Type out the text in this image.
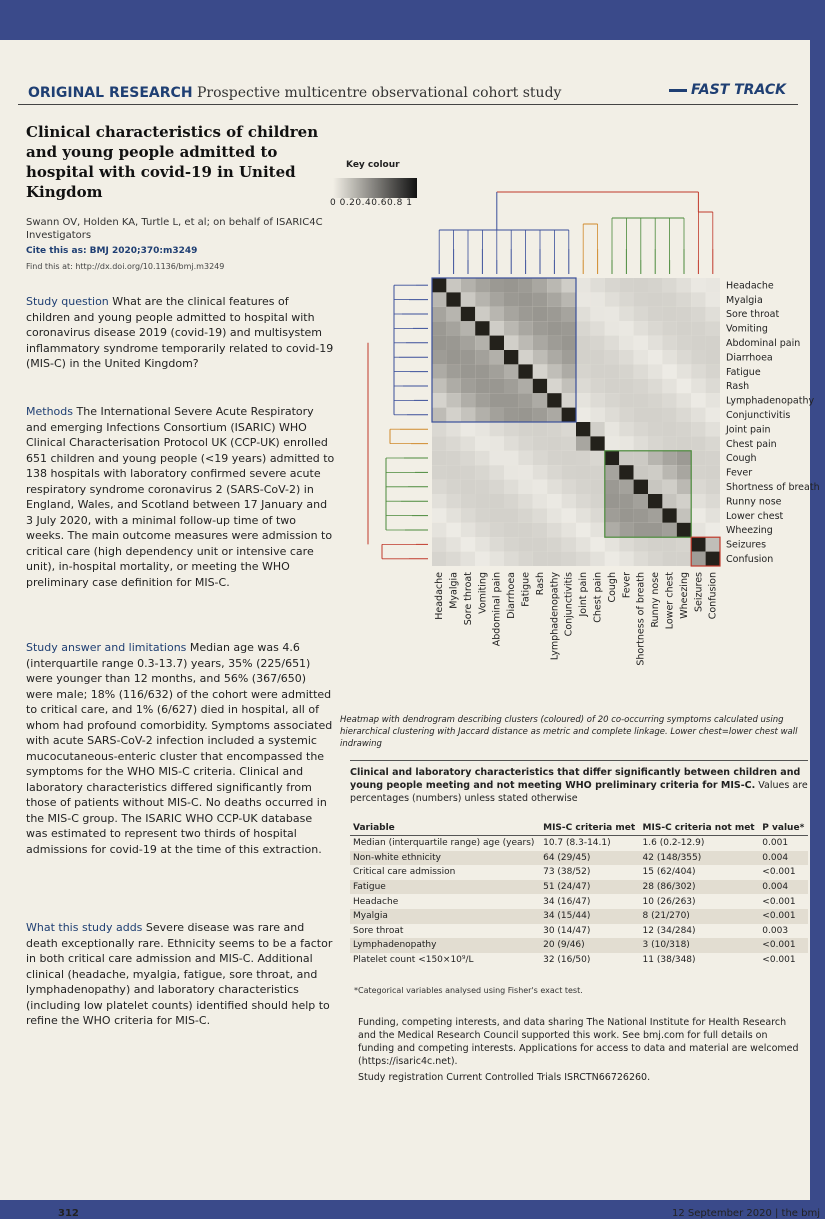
ORIGINAL RESEARCH Prospective multicentre observational cohort study	FAST TRACK
Clinical characteristics of children and young people admitted to hospital with covid-19 in United Kingdom
Swann OV, Holden KA, Turtle L, et al; on behalf of ISARIC4C Investigators
Cite this as: BMJ 2020;370:m3249
Find this at: http://dx.doi.org/10.1136/bmj.m3249
Study question What are the clinical features of children and young people admitted to hospital with coronavirus disease 2019 (covid-19) and multisystem inflammatory syndrome temporarily related to covid-19 (MIS-C) in the United Kingdom?
Methods The International Severe Acute Respiratory and emerging Infections Consortium (ISARIC) WHO Clinical Characterisation Protocol UK (CCP-UK) enrolled 651 children and young people (<19 years) admitted to 138 hospitals with laboratory confirmed severe acute respiratory syndrome coronavirus 2 (SARS-CoV-2) in England, Wales, and Scotland between 17 January and 3 July 2020, with a minimal follow-up time of two weeks. The main outcome measures were admission to critical care (high dependency unit or intensive care unit), in-hospital mortality, or meeting the WHO preliminary case definition for MIS-C.
Study answer and limitations Median age was 4.6 (interquartile range 0.3-13.7) years, 35% (225/651) were younger than 12 months, and 56% (367/650) were male; 18% (116/632) of the cohort were admitted to critical care, and 1% (6/627) died in hospital, all of whom had profound comorbidity. Symptoms associated with acute SARS-CoV-2 infection included a systemic mucocutaneous-enteric cluster that encompassed the symptoms for the WHO MIS-C criteria. Clinical and laboratory characteristics differed significantly from those of patients without MIS-C. No deaths occurred in the MIS-C group. The ISARIC WHO CCP-UK database was estimated to represent two thirds of hospital admissions for covid-19 at the time of this extraction.
What this study adds Severe disease was rare and death exceptionally rare. Ethnicity seems to be a factor in both critical care admission and MIS-C. Additional clinical (headache, myalgia, fatigue, sore throat, and lymphadenopathy) and laboratory characteristics (including low platelet counts) identified should help to refine the WHO criteria for MIS-C.
Key colour
0 0.20.40.60.8 1
Headache
Myalgia
Sore throat
Vomiting
Abdominal pain
Diarrhoea
Fatigue
Rash
Lymphadenopathy
Conjunctivitis
Joint pain
Chest pain
Cough
Fever
Shortness of breath
Runny nose
Lower chest
Wheezing
Seizures
Confusion
Headache Myalgia Sore throat Vomiting Abdominal pain Diarrhoea Fatigue Rash Lymphadenopathy Conjunctivitis Joint pain Chest pain Cough Fever Shortness of breath Runny nose Lower chest Wheezing Seizures Confusion
Heatmap with dendrogram describing clusters (coloured) of 20 co-occurring symptoms calculated using hierarchical clustering with Jaccard distance as metric and complete linkage. Lower chest=lower chest wall indrawing
Clinical and laboratory characteristics that differ significantly between children and young people meeting and not meeting WHO preliminary criteria for MIS-C. Values are percentages (numbers) unless stated otherwise
Variable	MIS-C criteria met	MIS-C criteria not met	P value*
Median (interquartile range) age (years)	10.7 (8.3-14.1)	1.6 (0.2-12.9)	0.001
Non-white ethnicity	64 (29/45)	42 (148/355)	0.004
Critical care admission	73 (38/52)	15 (62/404)	<0.001
Fatigue	51 (24/47)	28 (86/302)	0.004
Headache	34 (16/47)	10 (26/263)	<0.001
Myalgia	34 (15/44)	8 (21/270)	<0.001
Sore throat	30 (14/47)	12 (34/284)	0.003
Lymphadenopathy	20 (9/46)	3 (10/318)	<0.001
Platelet count <150×10⁹/L	32 (16/50)	11 (38/348)	<0.001
*Categorical variables analysed using Fisher's exact test.
Funding, competing interests, and data sharing The National Institute for Health Research and the Medical Research Council supported this work. See bmj.com for full details on funding and competing interests. Applications for access to data and material are welcomed (https://isaric4c.net).
Study registration Current Controlled Trials ISRCTN66726260.
312	12 September 2020 | the bmj
